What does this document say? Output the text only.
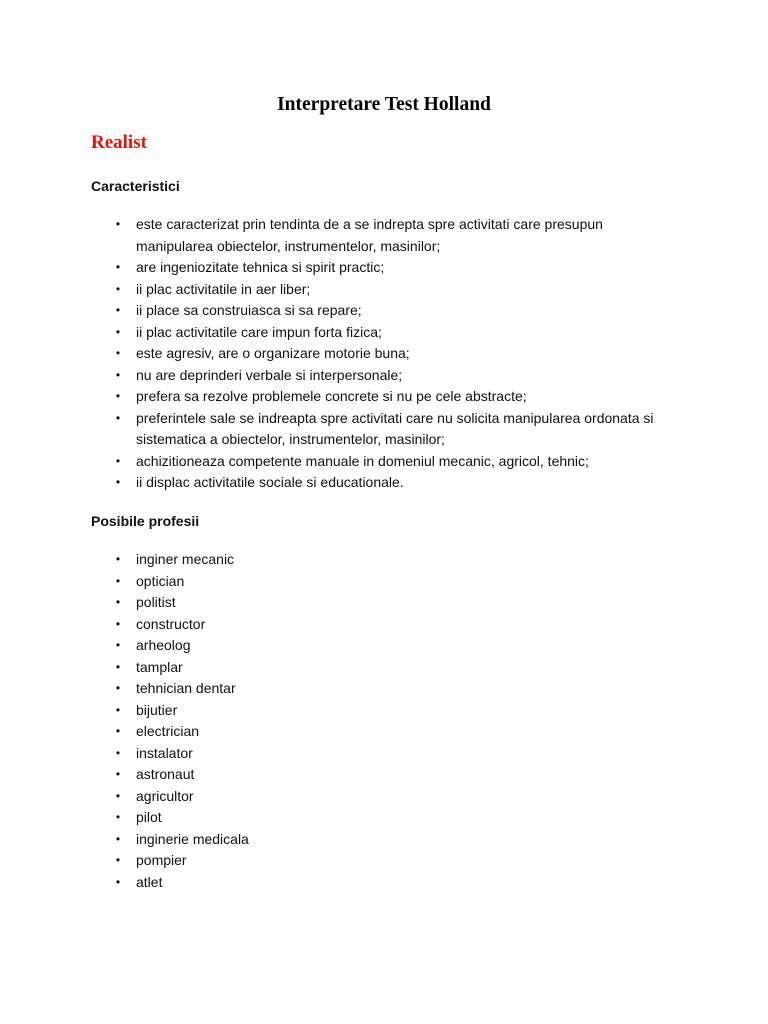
Interpretare Test Holland
Realist
Caracteristici
• este caracterizat prin tendinta de a se indrepta spre activitati care presupun manipularea obiectelor, instrumentelor, masinilor;
• are ingeniozitate tehnica si spirit practic;
• ii plac activitatile in aer liber;
• ii place sa construiasca si sa repare;
• ii plac activitatile care impun forta fizica;
• este agresiv, are o organizare motorie buna;
• nu are deprinderi verbale si interpersonale;
• prefera sa rezolve problemele concrete si nu pe cele abstracte;
• preferintele sale se indreapta spre activitati care nu solicita manipularea ordonata si sistematica a obiectelor, instrumentelor, masinilor;
• achizitioneaza competente manuale in domeniul mecanic, agricol, tehnic;
• ii displac activitatile sociale si educationale.
Posibile profesii
• inginer mecanic
• optician
• politist
• constructor
• arheolog
• tamplar
• tehnician dentar
• bijutier
• electrician
• instalator
• astronaut
• agricultor
• pilot
• inginerie medicala
• pompier
• atlet
